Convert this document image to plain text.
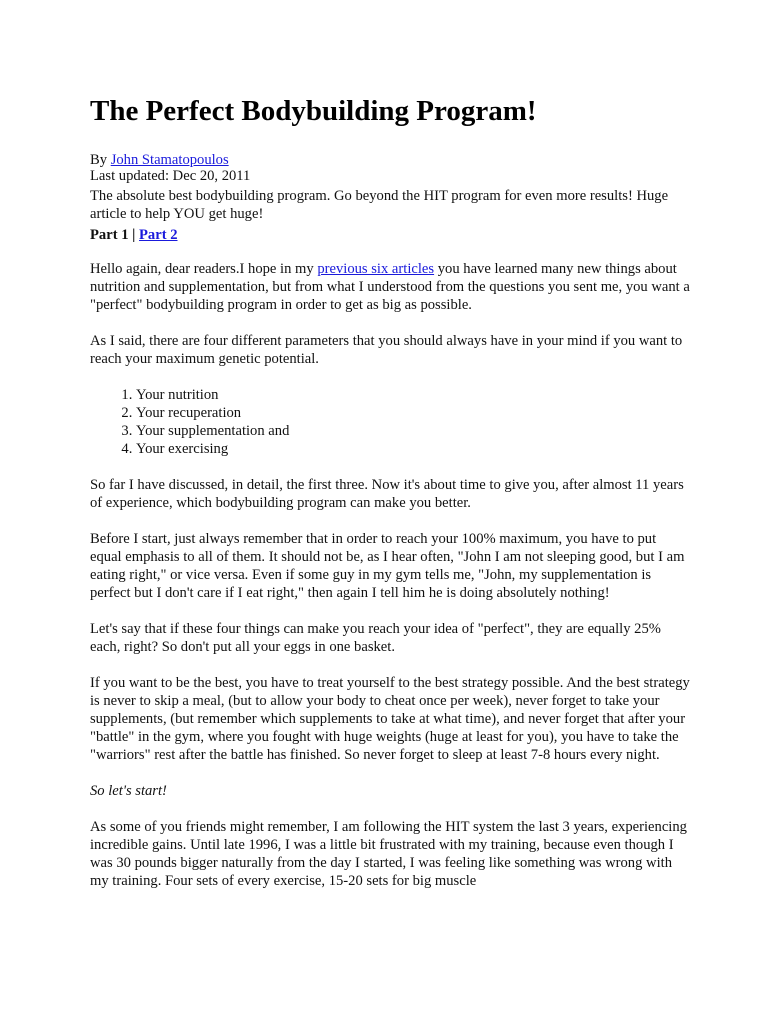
The Perfect Bodybuilding Program!

By John Stamatopoulos

Last updated: Dec 20, 2011

The absolute best bodybuilding program. Go beyond the HIT program for even more results! Huge article to help YOU get huge!

Part 1 | Part 2

Hello again, dear readers.I hope in my previous six articles you have learned many new things about nutrition and supplementation, but from what I understood from the questions you sent me, you want a "perfect" bodybuilding program in order to get as big as possible.

As I said, there are four different parameters that you should always have in your mind if you want to reach your maximum genetic potential.

1. Your nutrition
2. Your recuperation
3. Your supplementation and
4. Your exercising

So far I have discussed, in detail, the first three. Now it's about time to give you, after almost 11 years of experience, which bodybuilding program can make you better.

Before I start, just always remember that in order to reach your 100% maximum, you have to put equal emphasis to all of them. It should not be, as I hear often, "John I am not sleeping good, but I am eating right," or vice versa. Even if some guy in my gym tells me, "John, my supplementation is perfect but I don't care if I eat right," then again I tell him he is doing absolutely nothing!

Let's say that if these four things can make you reach your idea of "perfect", they are equally 25% each, right? So don't put all your eggs in one basket.

If you want to be the best, you have to treat yourself to the best strategy possible. And the best strategy is never to skip a meal, (but to allow your body to cheat once per week), never forget to take your supplements, (but remember which supplements to take at what time), and never forget that after your "battle" in the gym, where you fought with huge weights (huge at least for you), you have to take the "warriors" rest after the battle has finished. So never forget to sleep at least 7-8 hours every night.

So let's start!

As some of you friends might remember, I am following the HIT system the last 3 years, experiencing incredible gains. Until late 1996, I was a little bit frustrated with my training, because even though I was 30 pounds bigger naturally from the day I started, I was feeling like something was wrong with my training. Four sets of every exercise, 15-20 sets for big muscle
